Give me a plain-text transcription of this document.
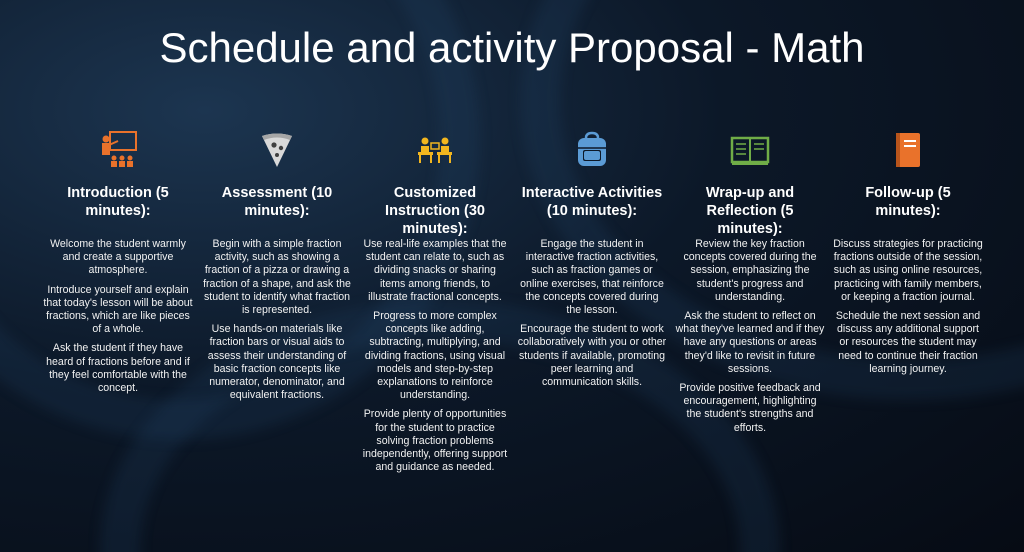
Schedule and activity Proposal - Math
Introduction (5 minutes):

Welcome the student warmly and create a supportive atmosphere.

Introduce yourself and explain that today's lesson will be about fractions, which are like pieces of a whole.

Ask the student if they have heard of fractions before and if they feel comfortable with the concept.

Assessment (10 minutes):

Begin with a simple fraction activity, such as showing a fraction of a pizza or drawing a fraction of a shape, and ask the student to identify what fraction is represented.

Use hands-on materials like fraction bars or visual aids to assess their understanding of basic fraction concepts like numerator, denominator, and equivalent fractions.

Customized Instruction (30 minutes):

Use real-life examples that the student can relate to, such as dividing snacks or sharing items among friends, to illustrate fractional concepts.

Progress to more complex concepts like adding, subtracting, multiplying, and dividing fractions, using visual models and step-by-step explanations to reinforce understanding.

Provide plenty of opportunities for the student to practice solving fraction problems independently, offering support and guidance as needed.

Interactive Activities (10 minutes):

Engage the student in interactive fraction activities, such as fraction games or online exercises, that reinforce the concepts covered during the lesson.

Encourage the student to work collaboratively with you or other students if available, promoting peer learning and communication skills.

Wrap-up and Reflection (5 minutes):

Review the key fraction concepts covered during the session, emphasizing the student's progress and understanding.

Ask the student to reflect on what they've learned and if they have any questions or areas they'd like to revisit in future sessions.

Provide positive feedback and encouragement, highlighting the student's strengths and efforts.

Follow-up (5 minutes):

Discuss strategies for practicing fractions outside of the session, such as using online resources, practicing with family members, or keeping a fraction journal.

Schedule the next session and discuss any additional support or resources the student may need to continue their fraction learning journey.
